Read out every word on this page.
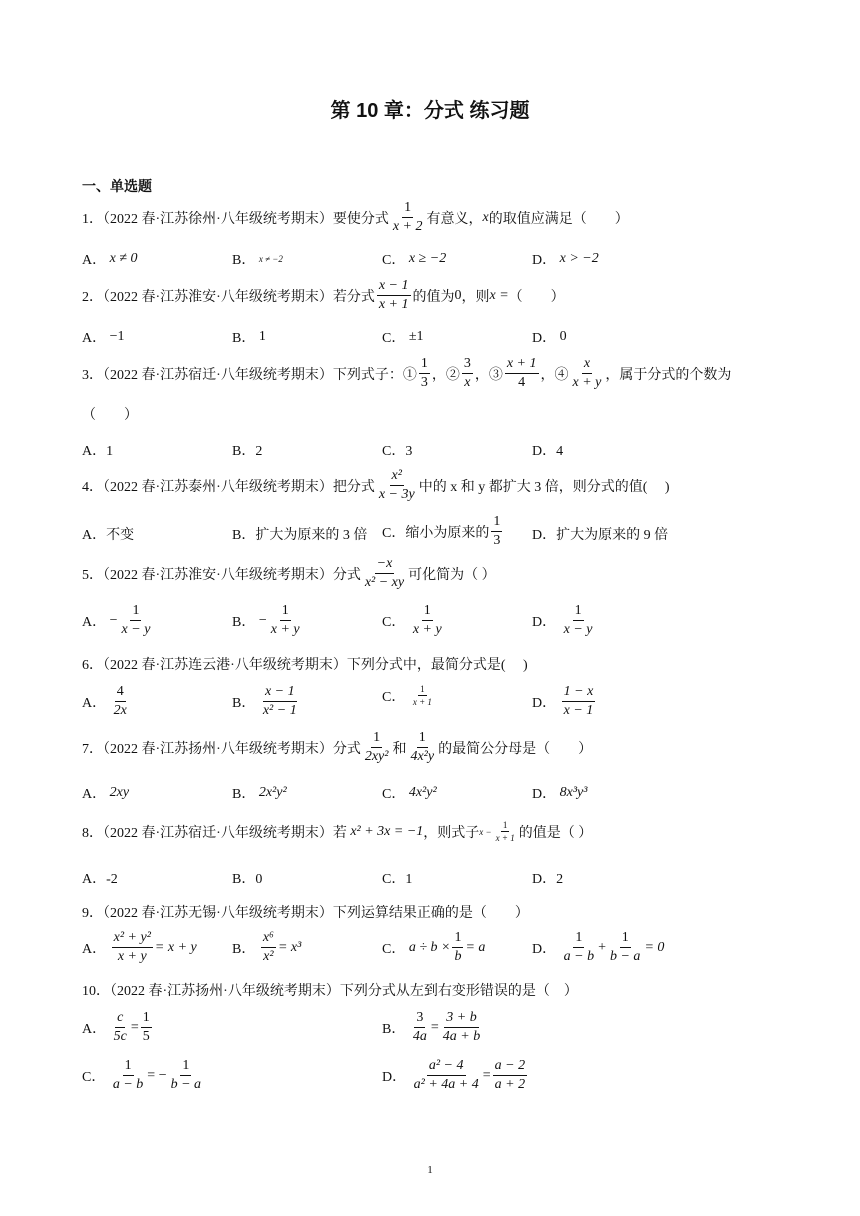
第 10 章：分式 练习题
一、单选题
1．（2022 春·江苏徐州·八年级统考期末）要使分式 $\frac{1}{x + 2}$ 有意义， x 的取值应满足（　　）
A．
x ≠ 0	B．
x ≠ −2	C．
x ≥ −2	D．
x > −2
2．（2022 春·江苏淮安·八年级统考期末）若分式 $\frac{x - 1}{x + 1}$ 的值为 0 ，则 x = （　　）
A．
−1	B．
1	C．
±1	D．
0
3．（2022 春·江苏宿迁·八年级统考期末）下列式子：① $\frac{1}{3}$ ，② $\frac{3}{x}$ ，③ $\frac{x + 1}{4}$ ，④ $\frac{x}{x + y}$ ，属于分式的个数为
（　　）
A．1	B．2	C．3	D．4
4．（2022 春·江苏泰州·八年级统考期末）把分式 $\frac{\text{x²}}{x - 3y}$ 中的 x 和 y 都扩大 3 倍，则分式的值(　 )
A．不变	B．扩大为原来的 3 倍 C．缩小为原来的 $\frac{1}{3}$ D．扩大为原来的 9 倍
5．（2022 春·江苏淮安·八年级统考期末）分式 $\frac{-x}{\text{x² − xy}}$ 可化简为（ ）
A．
− $\frac{1}{x - y}$	B．
− $\frac{1}{x + y}$	C．
$\frac{1}{x + y}$	D．
$\frac{1}{x - y}$
6．（2022 春·江苏连云港·八年级统考期末）下列分式中，最简分式是(　 )
A．
$\frac{4}{2x}$	B．
$\frac{x - 1}{\text{x² − 1}}$	C．
$\frac{1}{x + 1}$	D．
$\frac{1 - x}{x - 1}$
7．（2022 春·江苏扬州·八年级统考期末）分式 $\frac{1}{\text{2xy²}}$ 和 $\frac{1}{\text{4x²y}}$ 的最简公分母是（　　）
A．
2xy	B．
2x²y²	C．
4x²y²	D．
8x³y³
8．（2022 春·江苏宿迁·八年级统考期末）若
x² + 3x = −1 ，则式子 $x - \frac{1}{x + 1}$ 的值是（ ）
A．-2	B．0	C．1	D．2
9．（2022 春·江苏无锡·八年级统考期末）下列运算结果正确的是（　　）
A．
$\frac{\text{x² + y²}}{x + y} = x + y$	B．
$\frac{\text{x⁶}}{\text{x²}} = x^3$	C．
$a \div b \times \frac{1}{b} = a$	D．
$\frac{1}{a - b} + \frac{1}{b - a} = 0$
10．（2022 春·江苏扬州·八年级统考期末）下列分式从左到右变形错误的是（　）
A．
$\frac{c}{5c} = \frac{1}{5}$	B．
$\frac{3}{4a} = \frac{3 + b}{4a + b}$
C．
$\frac{1}{a - b}$ = − $\frac{1}{b - a}$	D．
$\frac{\text{a² − 4}}{\text{a² + 4a + 4}} = \frac{a - 2}{a + 2}$
1
